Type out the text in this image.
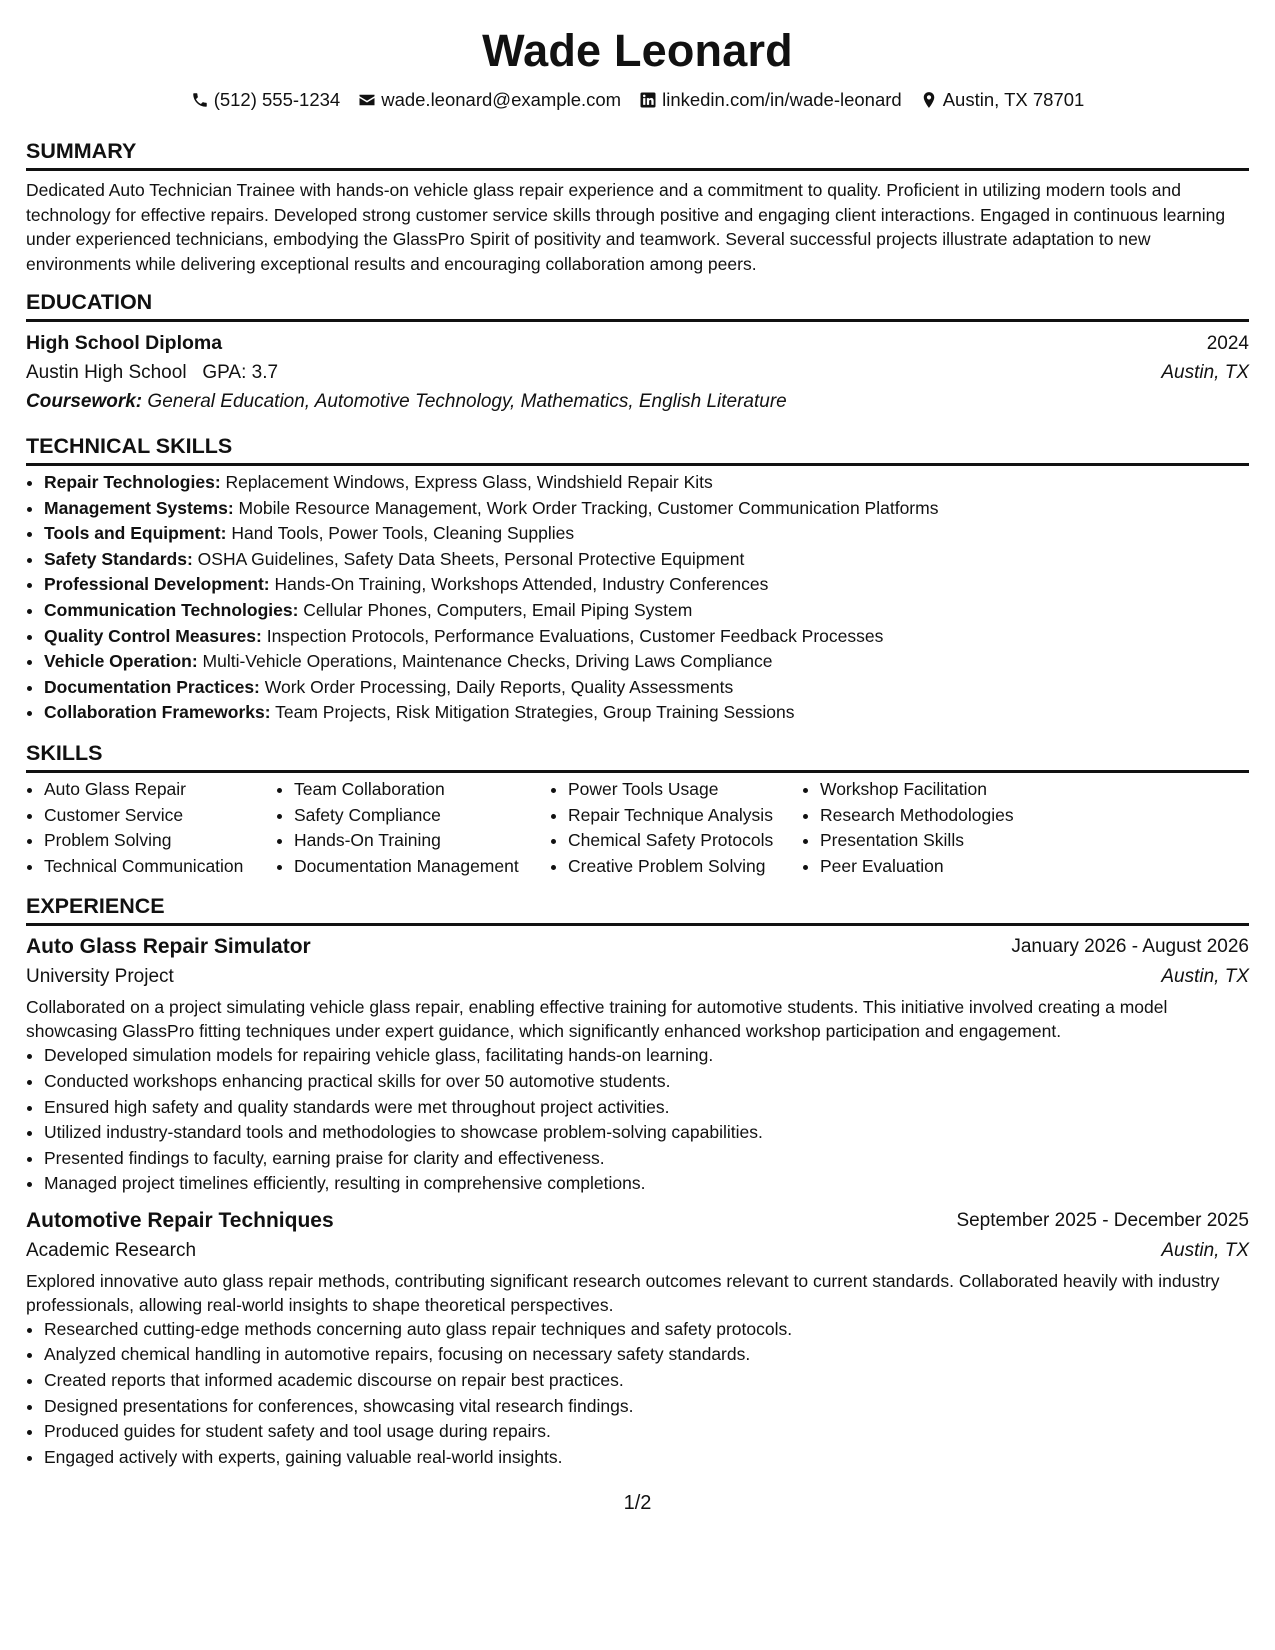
Wade Leonard
(512) 555-1234 wade.leonard@example.com linkedin.com/in/wade-leonard Austin, TX 78701
SUMMARY

Dedicated Auto Technician Trainee with hands-on vehicle glass repair experience and a commitment to quality. Proficient in utilizing modern tools and technology for effective repairs. Developed strong customer service skills through positive and engaging client interactions. Engaged in continuous learning under experienced technicians, embodying the GlassPro Spirit of positivity and teamwork. Several successful projects illustrate adaptation to new environments while delivering exceptional results and encouraging collaboration among peers.

EDUCATION
High School Diploma	2024
Austin High School GPA: 3.7	Austin, TX
Coursework: General Education, Automotive Technology, Mathematics, English Literature
TECHNICAL SKILLS
• Repair Technologies: Replacement Windows, Express Glass, Windshield Repair Kits
• Management Systems: Mobile Resource Management, Work Order Tracking, Customer Communication Platforms
• Tools and Equipment: Hand Tools, Power Tools, Cleaning Supplies
• Safety Standards: OSHA Guidelines, Safety Data Sheets, Personal Protective Equipment
• Professional Development: Hands-On Training, Workshops Attended, Industry Conferences
• Communication Technologies: Cellular Phones, Computers, Email Piping System
• Quality Control Measures: Inspection Protocols, Performance Evaluations, Customer Feedback Processes
• Vehicle Operation: Multi-Vehicle Operations, Maintenance Checks, Driving Laws Compliance
• Documentation Practices: Work Order Processing, Daily Reports, Quality Assessments
• Collaboration Frameworks: Team Projects, Risk Mitigation Strategies, Group Training Sessions
SKILLS
• Auto Glass Repair
• Customer Service
• Problem Solving
• Technical Communication
• Team Collaboration
• Safety Compliance
• Hands-On Training
• Documentation Management
• Power Tools Usage
• Repair Technique Analysis
• Chemical Safety Protocols
• Creative Problem Solving
• Workshop Facilitation
• Research Methodologies
• Presentation Skills
• Peer Evaluation
EXPERIENCE
Auto Glass Repair Simulator	January 2026 - August 2026
University Project	Austin, TX

Collaborated on a project simulating vehicle glass repair, enabling effective training for automotive students. This initiative involved creating a model showcasing GlassPro fitting techniques under expert guidance, which significantly enhanced workshop participation and engagement.

• Developed simulation models for repairing vehicle glass, facilitating hands-on learning.
• Conducted workshops enhancing practical skills for over 50 automotive students.
• Ensured high safety and quality standards were met throughout project activities.
• Utilized industry-standard tools and methodologies to showcase problem-solving capabilities.
• Presented findings to faculty, earning praise for clarity and effectiveness.
• Managed project timelines efficiently, resulting in comprehensive completions.
Automotive Repair Techniques	September 2025 - December 2025
Academic Research	Austin, TX

Explored innovative auto glass repair methods, contributing significant research outcomes relevant to current standards. Collaborated heavily with industry professionals, allowing real-world insights to shape theoretical perspectives.

• Researched cutting-edge methods concerning auto glass repair techniques and safety protocols.
• Analyzed chemical handling in automotive repairs, focusing on necessary safety standards.
• Created reports that informed academic discourse on repair best practices.
• Designed presentations for conferences, showcasing vital research findings.
• Produced guides for student safety and tool usage during repairs.
• Engaged actively with experts, gaining valuable real-world insights.
1/2
